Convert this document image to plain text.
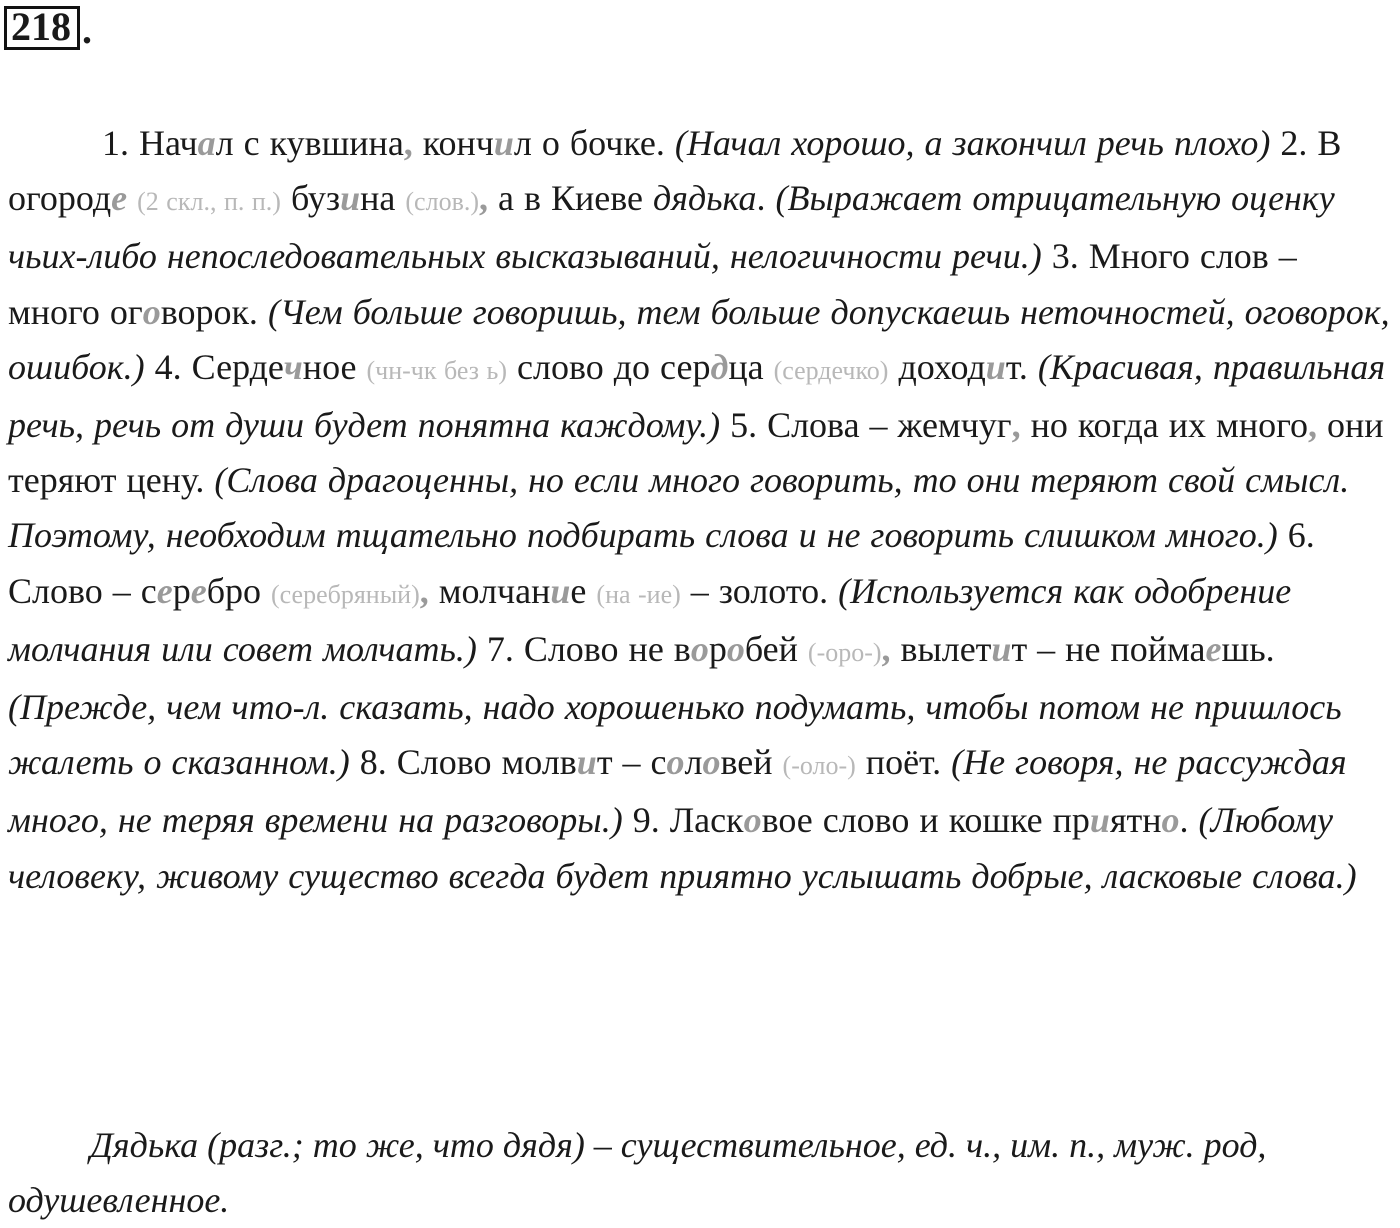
218 .

1. Начал с кувшина, кончил о бочке. (Начал хорошо, а закончил речь плохо) 2. В огороде (2 скл., п. п.) бузина (слов.), а в Киеве дядька. (Выражает отрицательную оценку чьих-либо непоследовательных высказываний, нелогичности речи.) 3. Много слов – много оговорок. (Чем больше говоришь, тем больше допускаешь неточностей, оговорок, ошибок.) 4. Сердечное (чн-чк без ь) слово до сердца (сердечко) доходит. (Красивая, правильная речь, речь от души будет понятна каждому.) 5. Слова – жемчуг, но когда их много, они теряют цену. (Слова драгоценны, но если много говорить, то они теряют свой смысл. Поэтому, необходим тщательно подбирать слова и не говорить слишком много.) 6. Слово – серебро (серебряный), молчание (на -ие) – золото. (Используется как одобрение молчания или совет молчать.) 7. Слово не воробей (-оро-), вылетит – не поймаешь. (Прежде, чем что-л. сказать, надо хорошенько подумать, чтобы потом не пришлось жалеть о сказанном.) 8. Слово молвит – соловей (-оло-) поёт. (Не говоря, не рассуждая много, не теряя времени на разговоры.) 9. Ласковое слово и кошке приятно. (Любому человеку, живому существо всегда будет приятно услышать добрые, ласковые слова.)

Дядька (разг.; то же, что дядя) – существительное, ед. ч., им. п., муж. род, одушевленное.
